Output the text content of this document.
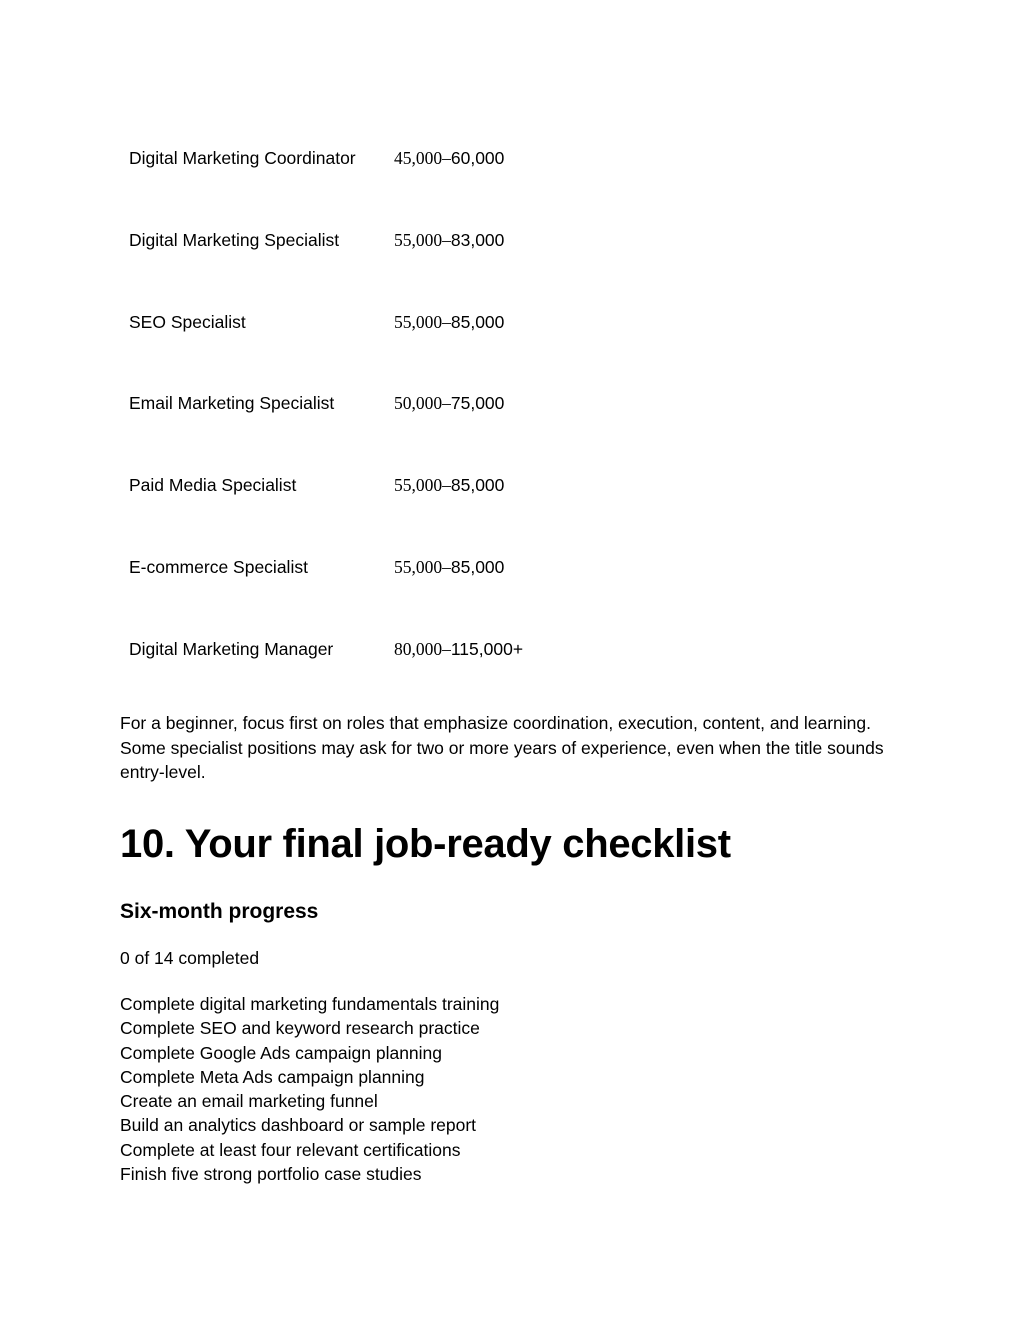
Digital Marketing Coordinator	45,000–60,000
Digital Marketing Specialist	55,000–83,000
SEO Specialist	55,000–85,000
Email Marketing Specialist	50,000–75,000
Paid Media Specialist	55,000–85,000
E-commerce Specialist	55,000–85,000
Digital Marketing Manager	80,000–115,000+

For a beginner, focus first on roles that emphasize coordination, execution, content, and learning. Some specialist positions may ask for two or more years of experience, even when the title sounds entry-level.

10. Your final job-ready checklist
Six-month progress

0 of 14 completed

Complete digital marketing fundamentals training
Complete SEO and keyword research practice
Complete Google Ads campaign planning
Complete Meta Ads campaign planning
Create an email marketing funnel
Build an analytics dashboard or sample report
Complete at least four relevant certifications
Finish five strong portfolio case studies
